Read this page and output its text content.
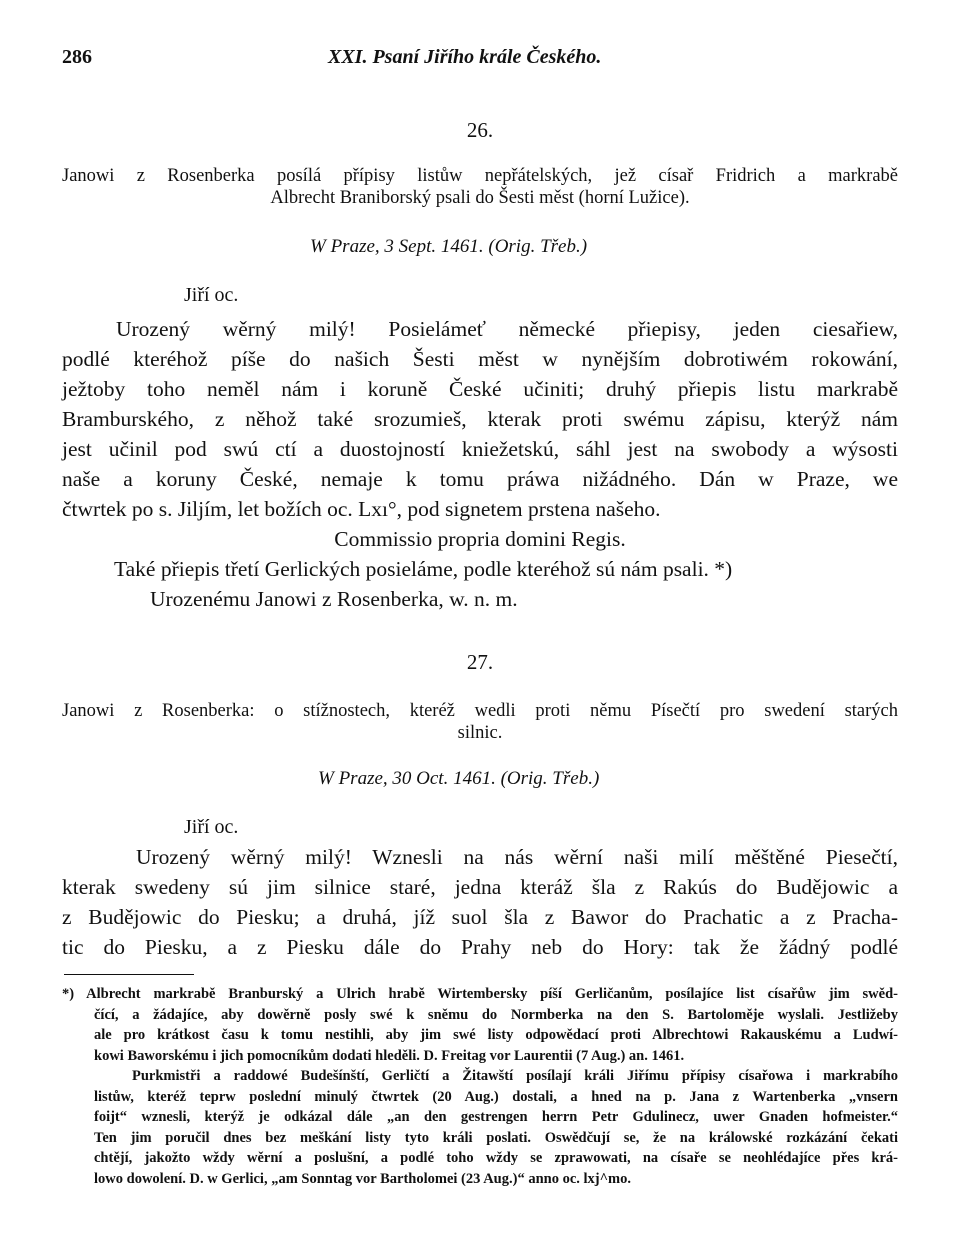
286	XXI. Psaní Jiřího krále Českého.
26.
Janowi z Rosenberka posílá přípisy listůw nepřátelských, jež císař Fridrich a markrabě
Albrecht Braniborský psali do Šesti měst (horní Lužice).
W Praze, 3 Sept. 1461. (Orig. Třeb.)
Jiří oc.
Urozený wěrný milý! Posielámeť německé přiepisy, jeden ciesařiew,
podlé kteréhož píše do našich Šesti měst w nynějším dobrotiwém rokowání,
ježtoby toho neměl nám i koruně České učiniti; druhý přiepis listu markrabě
Bramburského, z něhož také srozumieš, kterak proti swému zápisu, kterýž nám
jest učinil pod swú ctí a duostojností kniežetskú, sáhl jest na swobody a wýsosti
naše a koruny České, nemaje k tomu práwa nižádného. Dán w Praze, we
čtwrtek po s. Jiljím, let božích oc. Lxı°, pod signetem prstena našeho.
Commissio propria domini Regis.
Také přiepis třetí Gerlických posieláme, podle kteréhož sú nám psali. *)
Urozenému Janowi z Rosenberka, w. n. m.
27.
Janowi z Rosenberka: o stížnostech, kteréž wedli proti němu Písečtí pro swedení starých
silnic.
W Praze, 30 Oct. 1461. (Orig. Třeb.)
Jiří oc.
Urozený wěrný milý! Wznesli na nás wěrní naši milí měštěné Piesečtí,
kterak swedeny sú jim silnice staré, jedna kteráž šla z Rakús do Budějowic a
z Budějowic do Piesku; a druhá, jíž suol šla z Bawor do Prachatic a z Pracha-
tic do Piesku, a z Piesku dále do Prahy neb do Hory: tak že žádný podlé
*) Albrecht markrabě Branburský a Ulrich hrabě Wirtembersky píší Gerličanům, posílajíce list císařůw jim swěd-
čící, a žádajíce, aby dowěrně posly swé k sněmu do Normberka na den S. Bartoloměje wyslali. Jestližeby
ale pro krátkost času k tomu nestihli, aby jim swé listy odpowědací proti Albrechtowi Rakauskému a Ludwí-
kowi Baworskému i jich pomocníkům dodati hleděli. D. Freitag vor Laurentii (7 Aug.) an. 1461.
Purkmistři a raddowé Budešínští, Gerličtí a Žitawští posílají králi Jiřímu přípisy císařowa i markrabího
listůw, kteréž teprw poslední minulý čtwrtek (20 Aug.) dostali, a hned na p. Jana z Wartenberka „vnsern
foijt“ wznesli, kterýž je odkázal dále „an den gestrengen herrn Petr Gdulinecz, uwer Gnaden hofmeister.“
Ten jim poručil dnes bez meškání listy tyto králi poslati. Oswědčují se, že na králowské rozkázání čekati
chtějí, jakožto wždy wěrní a poslušní, a podlé toho wždy se zprawowati, na císaře se neohlédajíce přes krá-
lowo dowolení. D. w Gerlici, „am Sonntag vor Bartholomei (23 Aug.)“ anno oc. lxj^mo.
